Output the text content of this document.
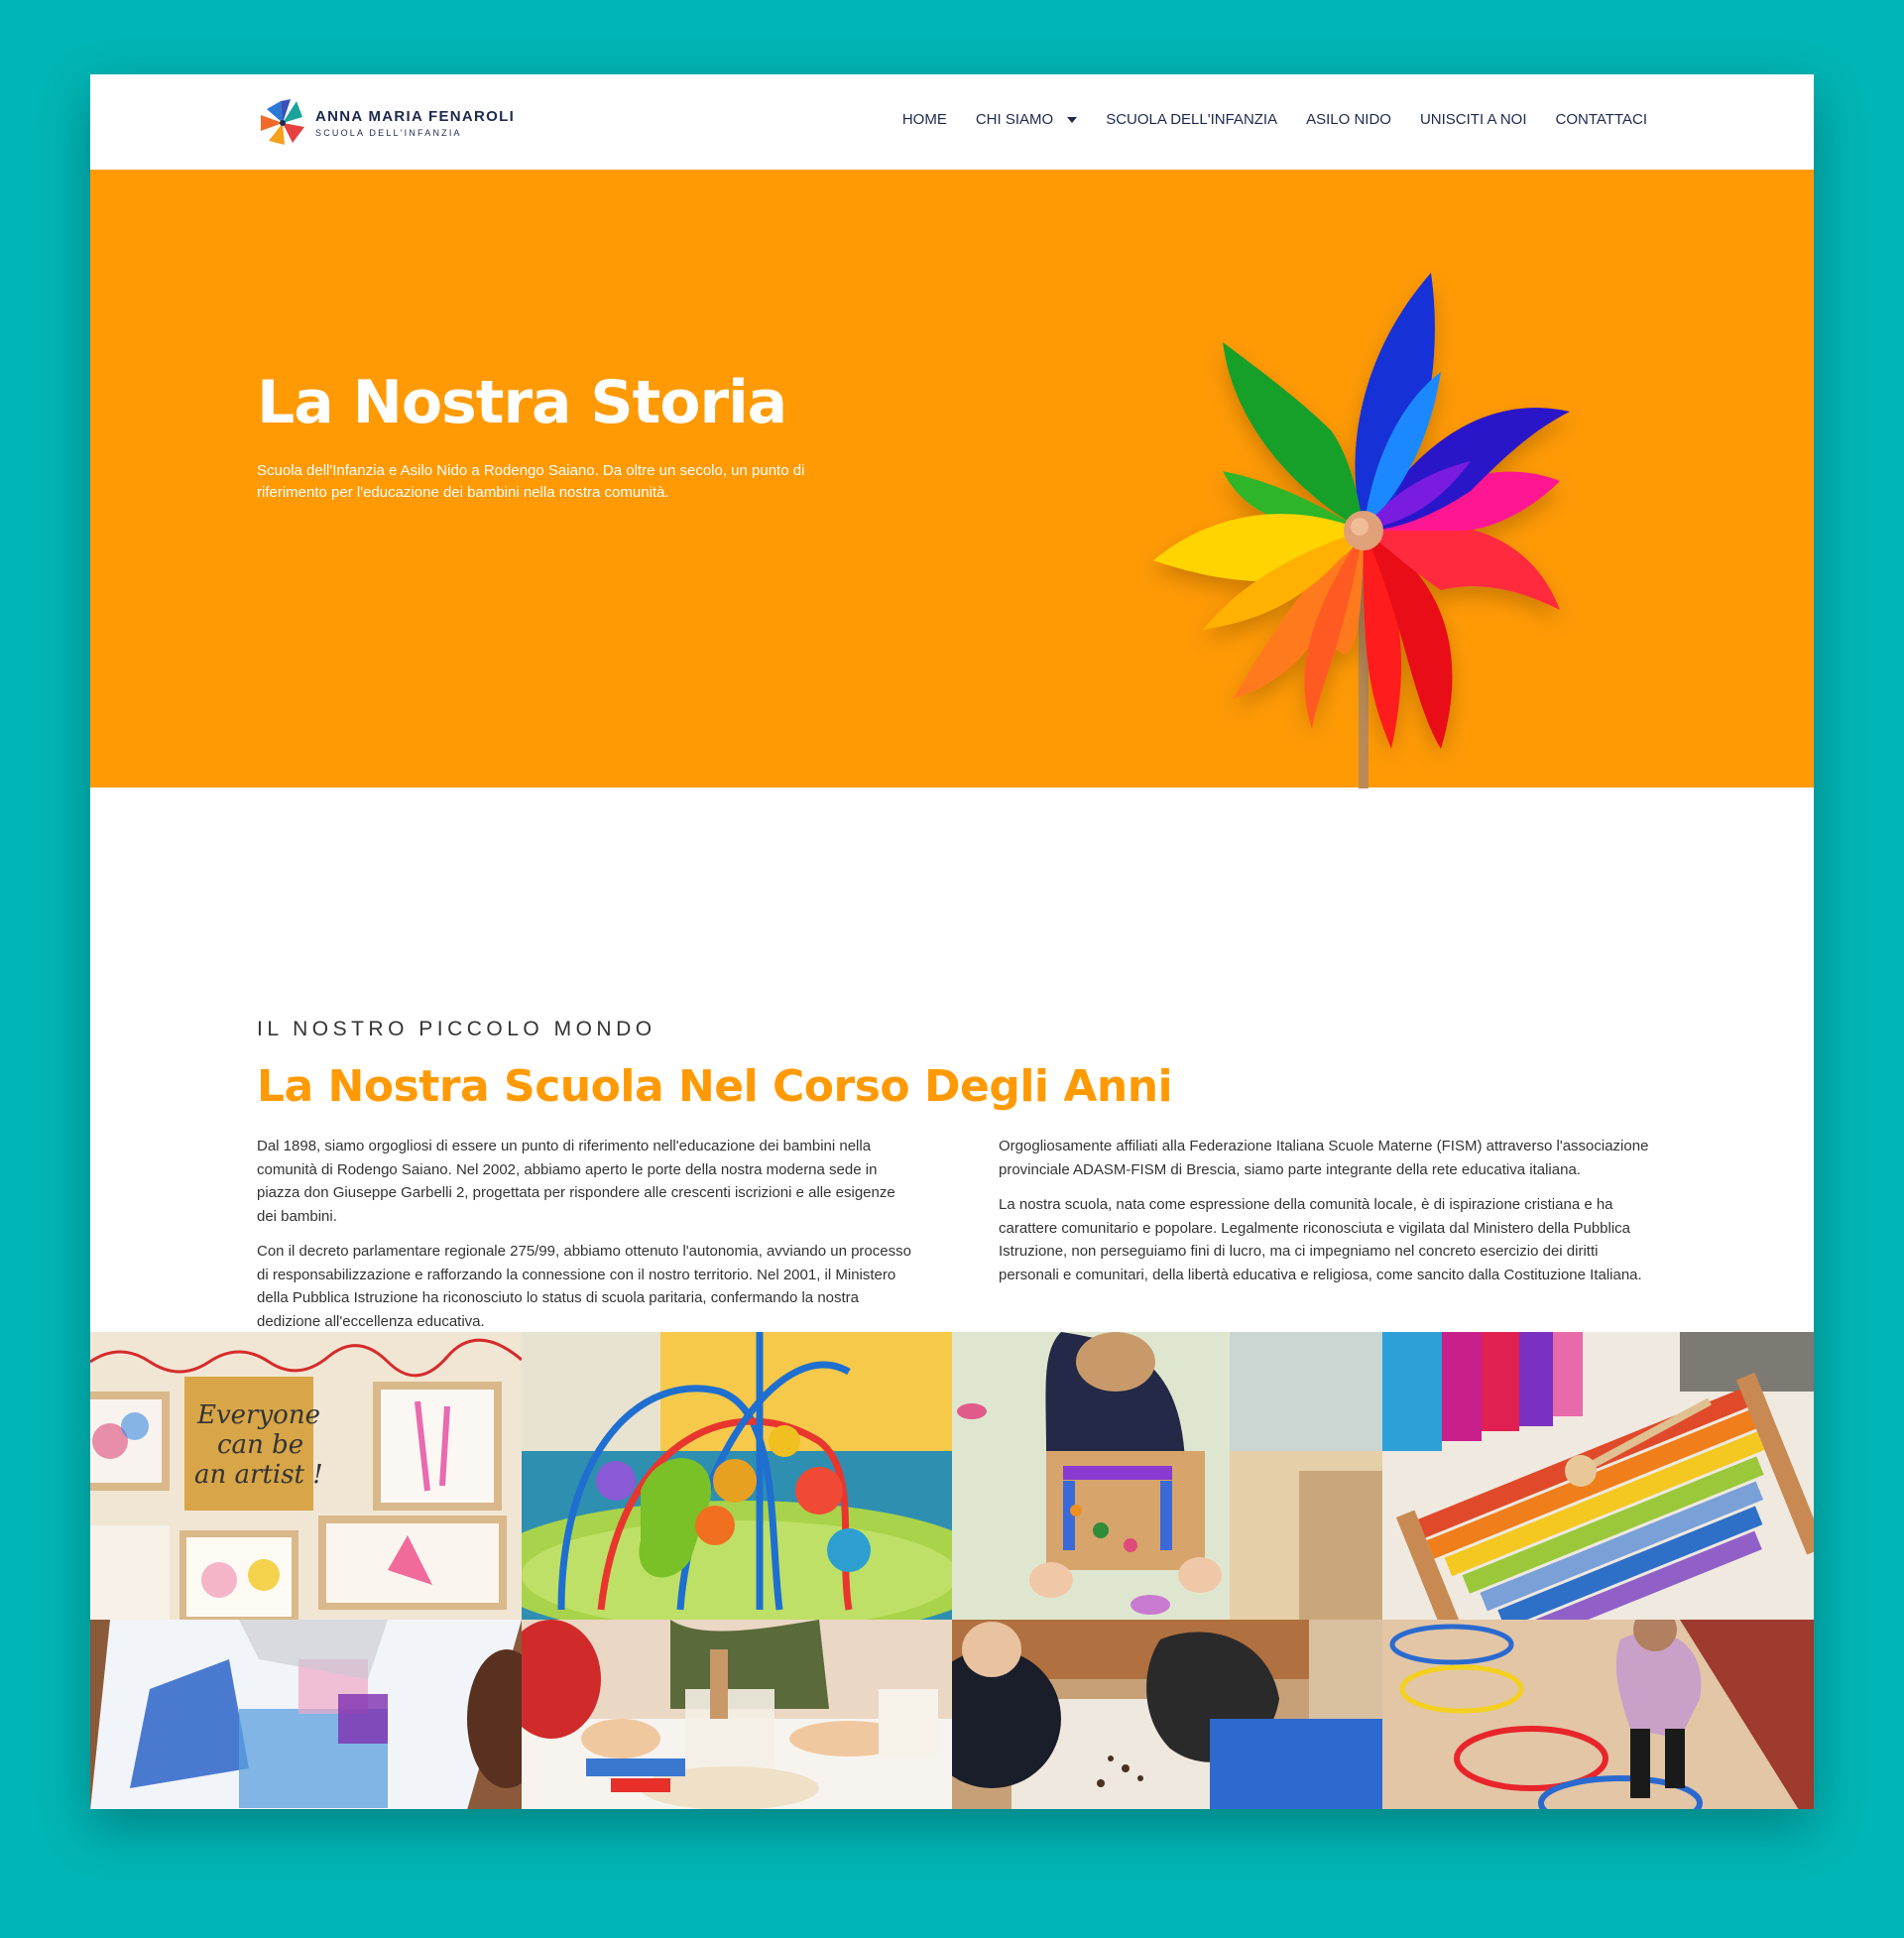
ANNA MARIA FENAROLI
SCUOLA DELL'INFANZIA
HOME CHI SIAMO	SCUOLA DELL'INFANZIA ASILO NIDO UNISCITI A NOI CONTATTACI
La Nostra Storia

Scuola dell'Infanzia e Asilo Nido a Rodengo Saiano. Da oltre un secolo, un punto di riferimento per l'educazione dei bambini nella nostra comunità.

IL NOSTRO PICCOLO MONDO
La Nostra Scuola Nel Corso Degli Anni

Dal 1898, siamo orgogliosi di essere un punto di riferimento nell'educazione dei bambini nella comunità di Rodengo Saiano. Nel 2002, abbiamo aperto le porte della nostra moderna sede in piazza don Giuseppe Garbelli 2, progettata per rispondere alle crescenti iscrizioni e alle esigenze dei bambini.

Con il decreto parlamentare regionale 275/99, abbiamo ottenuto l'autonomia, avviando un processo di responsabilizzazione e rafforzando la connessione con il nostro territorio. Nel 2001, il Ministero della Pubblica Istruzione ha riconosciuto lo status di scuola paritaria, confermando la nostra dedizione all'eccellenza educativa.

Orgogliosamente affiliati alla Federazione Italiana Scuole Materne (FISM) attraverso l'associazione provinciale ADASM-FISM di Brescia, siamo parte integrante della rete educativa italiana.

La nostra scuola, nata come espressione della comunità locale, è di ispirazione cristiana e ha carattere comunitario e popolare. Legalmente riconosciuta e vigilata dal Ministero della Pubblica Istruzione, non perseguiamo fini di lucro, ma ci impegniamo nel concreto esercizio dei diritti personali e comunitari, della libertà educativa e religiosa, come sancito dalla Costituzione Italiana.

Everyone
can be
an artist !
